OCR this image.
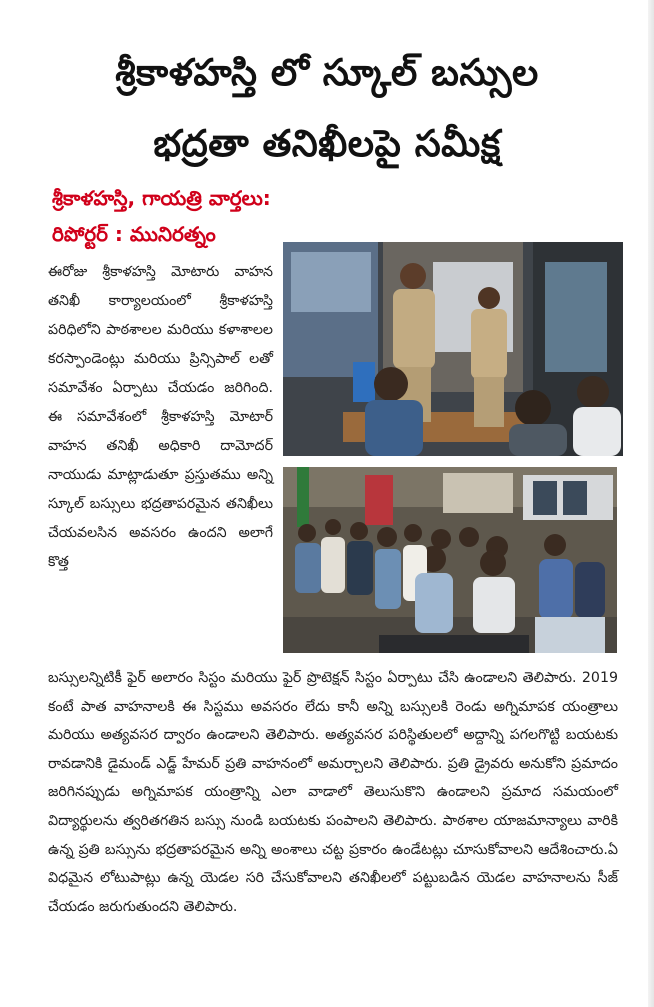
శ్రీకాళహస్తి లో స్కూల్ బస్సుల
భద్రతా తనిఖీలపై సమీక్ష
శ్రీకాళహస్తి, గాయత్రి వార్తలు:
రిపోర్టర్ : మునిరత్నం
ఈరోజు శ్రీకాళహస్తి మోటారు వాహన తనిఖీ కార్యాలయంలో శ్రీకాళహస్తి పరిధిలోని పాఠశాలల మరియు కళాశాలల కరస్పాండెంట్లు మరియు ప్రిన్సిపాల్ లతో సమావేశం ఏర్పాటు చేయడం జరిగింది. ఈ సమావేశంలో శ్రీకాళహస్తి మోటార్ వాహన తనిఖీ అధికారి దామోదర్ నాయుడు మాట్లాడుతూ ప్రస్తుతము అన్ని స్కూల్ బస్సులు భద్రతాపరమైన తనిఖీలు చేయవలసిన అవసరం ఉందని అలాగే కొత్త
బస్సులన్నిటికీ ఫైర్ అలారం సిస్టం మరియు ఫైర్ ప్రొటెక్షన్ సిస్టం ఏర్పాటు చేసి ఉండాలని తెలిపారు. 2019 కంటే పాత వాహనాలకి ఈ సిస్టము అవసరం లేదు కానీ అన్ని బస్సులకి రెండు అగ్నిమాపక యంత్రాలు మరియు అత్యవసర ద్వారం ఉండాలని తెలిపారు. అత్యవసర పరిస్థితులలో అద్దాన్ని పగలగొట్టి బయటకు రావడానికి డైమండ్ ఎడ్జ్ హేమర్ ప్రతి వాహనంలో అమర్చాలని తెలిపారు. ప్రతి డ్రైవరు అనుకోని ప్రమాదం జరిగినప్పుడు అగ్నిమాపక యంత్రాన్ని ఎలా వాడాలో తెలుసుకొని ఉండాలని ప్రమాద సమయంలో విద్యార్థులను త్వరితగతిన బస్సు నుండి బయటకు పంపాలని తెలిపారు. పాఠశాల యాజమాన్యాలు వారికి ఉన్న ప్రతి బస్సును భద్రతాపరమైన అన్ని అంశాలు చట్ట ప్రకారం ఉండేటట్లు చూసుకోవాలని ఆదేశించారు.ఏ విధమైన లోటుపాట్లు ఉన్న యెడల సరి చేసుకోవాలని తనిఖీలలో పట్టుబడిన యెడల వాహనాలను సీజ్ చేయడం జరుగుతుందని తెలిపారు.
